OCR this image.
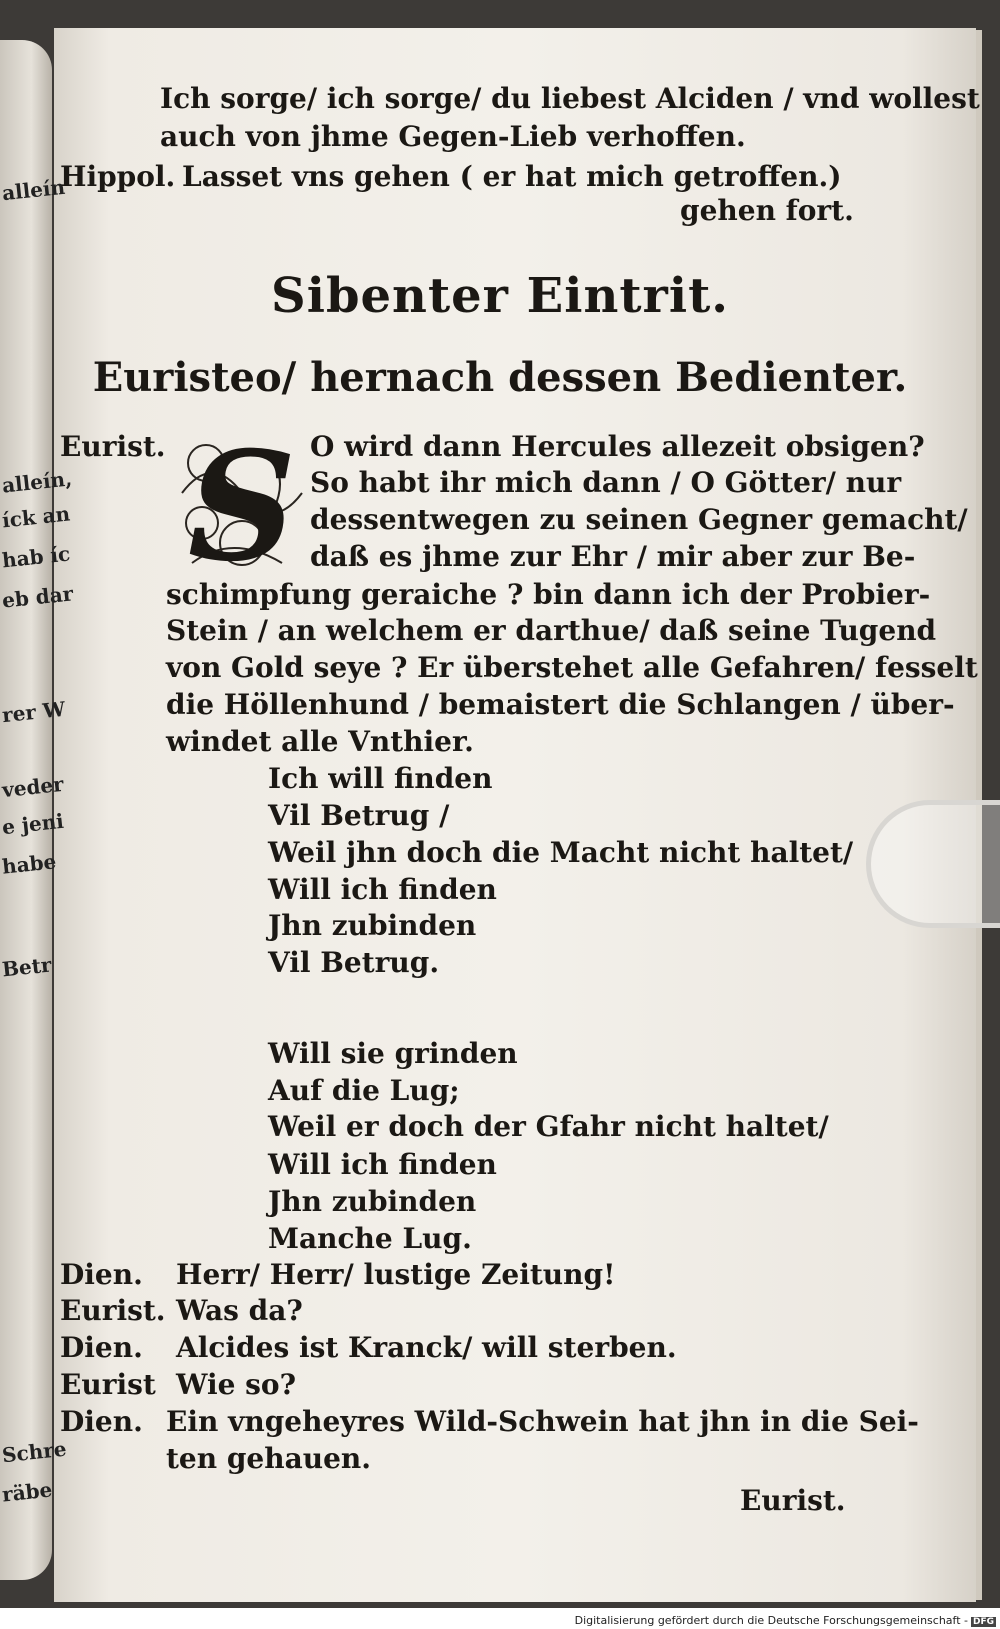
alleín
alleín,
íck an
hab íc
eb dar
rer W
veder
e jeni
habe
Betr
Schre
räbe
Ich sorge/ ich sorge/ du liebest Alciden / vnd wollest
auch von jhme Gegen-Lieb verhoffen.
Hippol. Lasset vns gehen ( er hat mich getroffen.)
gehen fort.
Sibenter Eintrit.
Euristeo/ hernach dessen Bedienter.
Eurist. S O wird dann Hercules allezeit obsigen?
So habt ihr mich dann / O Götter/ nur
dessentwegen zu seinen Gegner gemacht/
daß es jhme zur Ehr / mir aber zur Be-
schimpfung geraiche ? bin dann ich der Probier-
Stein / an welchem er darthue/ daß seine Tugend
von Gold seye ? Er überstehet alle Gefahren/ fesselt
die Höllenhund / bemaistert die Schlangen / über-
windet alle Vnthier.
Ich will finden
Vil Betrug /
Weil jhn doch die Macht nicht haltet/
Will ich finden
Jhn zubinden
Vil Betrug.
Will sie grinden
Auf die Lug;
Weil er doch der Gfahr nicht haltet/
Will ich finden
Jhn zubinden
Manche Lug.
Dien. Herr/ Herr/ lustige Zeitung!
Eurist. Was da?
Dien. Alcides ist Kranck/ will sterben.
Eurist Wie so?
Dien. Ein vngeheyres Wild-Schwein hat jhn in die Sei-
ten gehauen.
Eurist.
Digitalisierung gefördert durch die Deutsche Forschungsgemeinschaft - DFG
